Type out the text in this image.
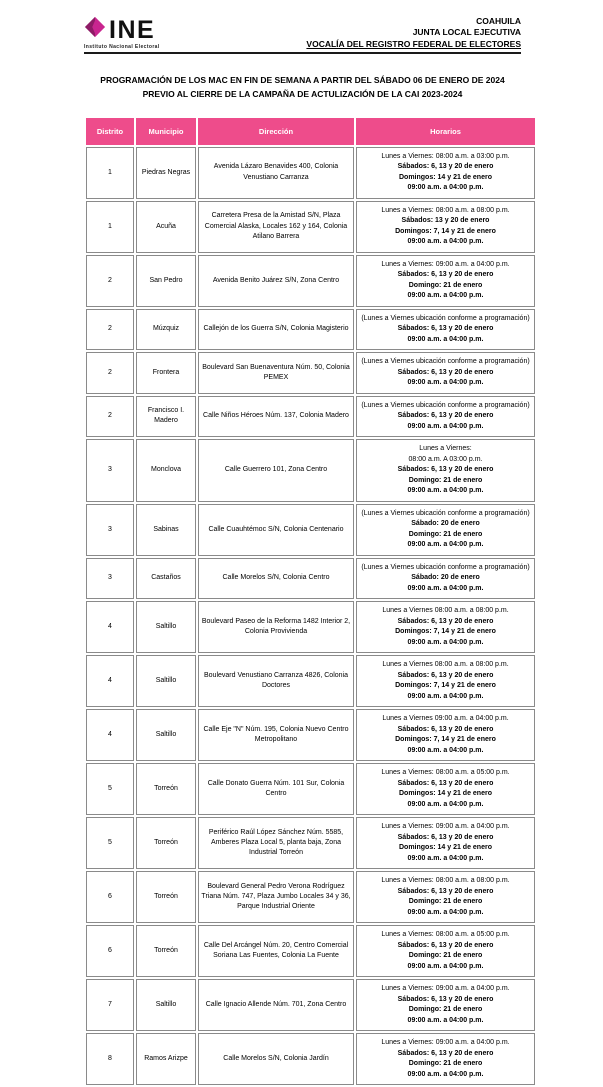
INE
Instituto Nacional Electoral
COAHUILA
JUNTA LOCAL EJECUTIVA
VOCALÍA DEL REGISTRO FEDERAL DE ELECTORES
PROGRAMACIÓN DE LOS MAC EN FIN DE SEMANA A PARTIR DEL SÁBADO 06 DE ENERO DE 2024
PREVIO AL CIERRE DE LA CAMPAÑA DE ACTULIZACIÓN DE LA CAI 2023-2024
Distrito	Municipio	Dirección	Horarios
1	Piedras Negras	Avenida Lázaro Benavides 400, Colonia Venustiano Carranza	Lunes a Viernes: 08:00 a.m. a 03:00 p.m.
Sábados: 6, 13 y 20 de enero
Domingos: 14 y 21 de enero
09:00 a.m. a 04:00 p.m.

1	Acuña	Carretera Presa de la Amistad S/N, Plaza Comercial Alaska, Locales 162 y 164, Colonia Atilano Barrera	Lunes a Viernes: 08:00 a.m. a 08:00 p.m.
Sábados: 13 y 20 de enero
Domingos: 7, 14 y 21 de enero
09:00 a.m. a 04:00 p.m.

2	San Pedro	Avenida Benito Juárez S/N, Zona Centro	Lunes a Viernes: 09:00 a.m. a 04:00 p.m.
Sábados: 6, 13 y 20 de enero
Domingo: 21 de enero
09:00 a.m. a 04:00 p.m.

2	Múzquiz	Callejón de los Guerra S/N, Colonia Magisterio	(Lunes a Viernes ubicación conforme a programación)
Sábados: 6, 13 y 20 de enero
09:00 a.m. a 04:00 p.m.

2	Frontera	Boulevard San Buenaventura Núm. 50, Colonia PEMEX	(Lunes a Viernes ubicación conforme a programación)
Sábados: 6, 13 y 20 de enero
09:00 a.m. a 04:00 p.m.

2	Francisco I. Madero	Calle Niños Héroes Núm. 137, Colonia Madero	(Lunes a Viernes ubicación conforme a programación)
Sábados: 6, 13 y 20 de enero
09:00 a.m. a 04:00 p.m.

3	Monclova	Calle Guerrero 101, Zona Centro	Lunes a Viernes:
08:00 a.m. A 03:00 p.m.
Sábados: 6, 13 y 20 de enero
Domingo: 21 de enero
09:00 a.m. a 04:00 p.m.

3	Sabinas	Calle Cuauhtémoc S/N, Colonia Centenario	(Lunes a Viernes ubicación conforme a programación)
Sábado: 20 de enero
Domingo: 21 de enero
09:00 a.m. a 04:00 p.m.

3	Castaños	Calle Morelos S/N, Colonia Centro	(Lunes a Viernes ubicación conforme a programación)
Sábado: 20 de enero
09:00 a.m. a 04:00 p.m.

4	Saltillo	Boulevard Paseo de la Reforma 1482 Interior 2, Colonia Provivienda	Lunes a Viernes 08:00 a.m. a 08:00 p.m.
Sábados: 6, 13 y 20 de enero
Domingos: 7, 14 y 21 de enero
09:00 a.m. a 04:00 p.m.

4	Saltillo	Boulevard Venustiano Carranza 4826, Colonia Doctores	Lunes a Viernes 08:00 a.m. a 08:00 p.m.
Sábados: 6, 13 y 20 de enero
Domingos: 7, 14 y 21 de enero
09:00 a.m. a 04:00 p.m.

4	Saltillo	Calle Eje "N" Núm. 195, Colonia Nuevo Centro Metropolitano	Lunes a Viernes 09:00 a.m. a 04:00 p.m.
Sábados: 6, 13 y 20 de enero
Domingos: 7, 14 y 21 de enero
09:00 a.m. a 04:00 p.m.

5	Torreón	Calle Donato Guerra Núm. 101 Sur, Colonia Centro	Lunes a Viernes: 08:00 a.m. a 05:00 p.m.
Sábados: 6, 13 y 20 de enero
Domingos: 14 y 21 de enero
09:00 a.m. a 04:00 p.m.

5	Torreón	Periférico Raúl López Sánchez Núm. 5585, Amberes Plaza Local 5, planta baja, Zona Industrial Torreón	Lunes a Viernes: 09:00 a.m. a 04:00 p.m.
Sábados: 6, 13 y 20 de enero
Domingos: 14 y 21 de enero
09:00 a.m. a 04:00 p.m.

6	Torreón	Boulevard General Pedro Verona Rodríguez Triana Núm. 747, Plaza Jumbo Locales 34 y 36, Parque Industrial Oriente	Lunes a Viernes: 08:00 a.m. a 08:00 p.m.
Sábados: 6, 13 y 20 de enero
Domingo: 21 de enero
09:00 a.m. a 04:00 p.m.

6	Torreón	Calle Del Arcángel Núm. 20, Centro Comercial Soriana Las Fuentes, Colonia La Fuente	Lunes a Viernes: 08:00 a.m. a 05:00 p.m.
Sábados: 6, 13 y 20 de enero
Domingo: 21 de enero
09:00 a.m. a 04:00 p.m.

7	Saltillo	Calle Ignacio Allende Núm. 701, Zona Centro	Lunes a Viernes: 09:00 a.m. a 04:00 p.m.
Sábados: 6, 13 y 20 de enero
Domingo: 21 de enero
09:00 a.m. a 04:00 p.m.

8	Ramos Arizpe	Calle Morelos S/N, Colonia Jardín	Lunes a Viernes: 09:00 a.m. a 04:00 p.m.
Sábados: 6, 13 y 20 de enero
Domingo: 21 de enero
09:00 a.m. a 04:00 p.m.
